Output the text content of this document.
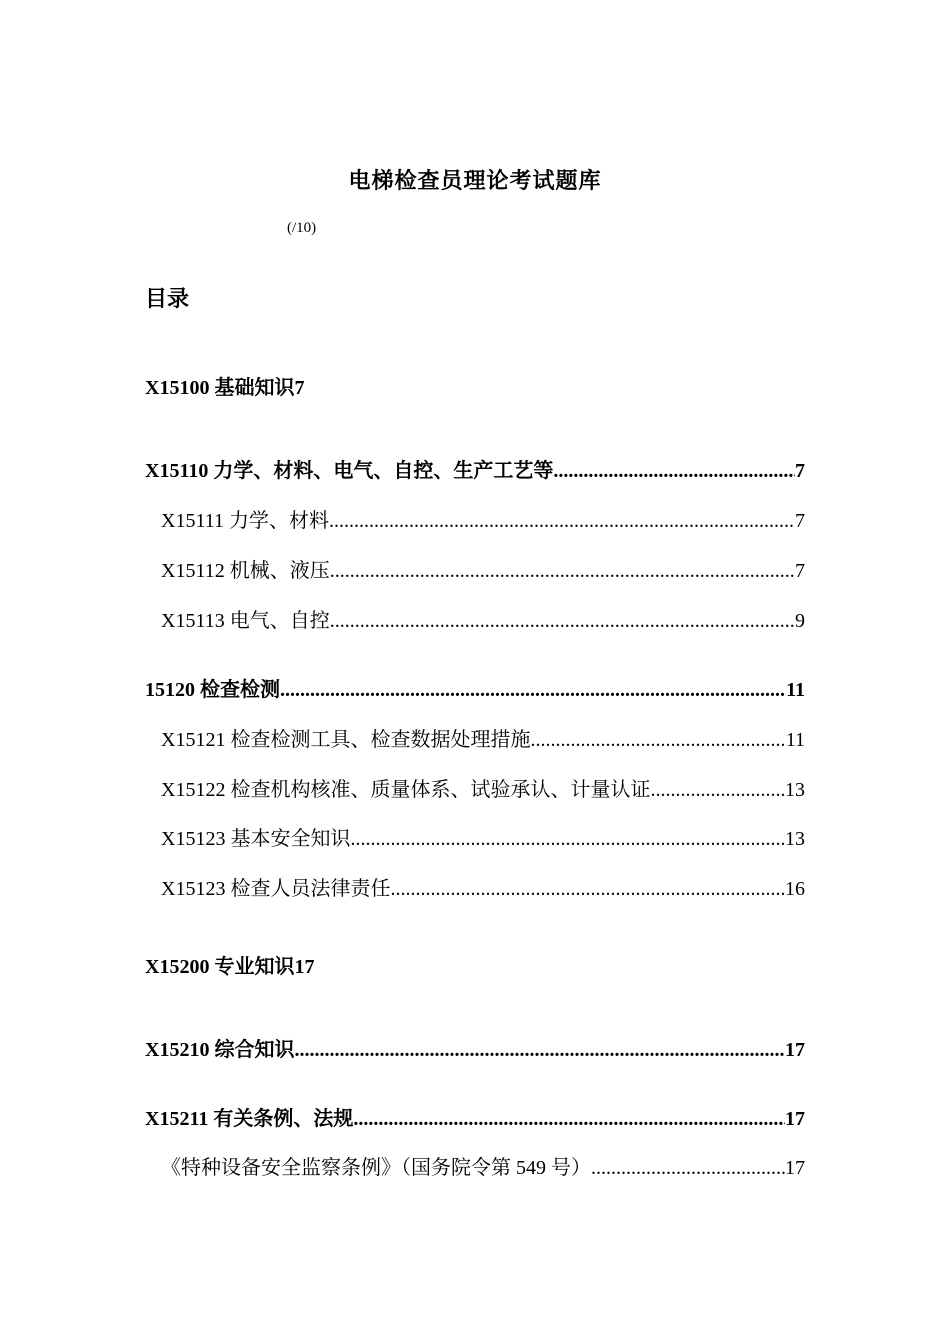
电梯检查员理论考试题库
(/10)
目录
X15100 基础知识 7
X15110 力学、材料、电气、自控、生产工艺等 .....	7
X15111 力学、材料 .....	7
X15112 机械、液压 .....	7
X15113 电气、自控 .....	9
15120 检查检测 .....	11
X15121 检查检测工具、检查数据处理措施 .....	11
X15122 检查机构核准、质量体系、试验承认、计量认证 .....	13
X15123 基本安全知识 .....	13
X15123 检查人员法律责任 .....	16
X15200 专业知识 17
X15210 综合知识 .....	17
X15211 有关条例、法规 .....	17
《特种设备安全监察条例》（国务院令第 549 号） .....	17
